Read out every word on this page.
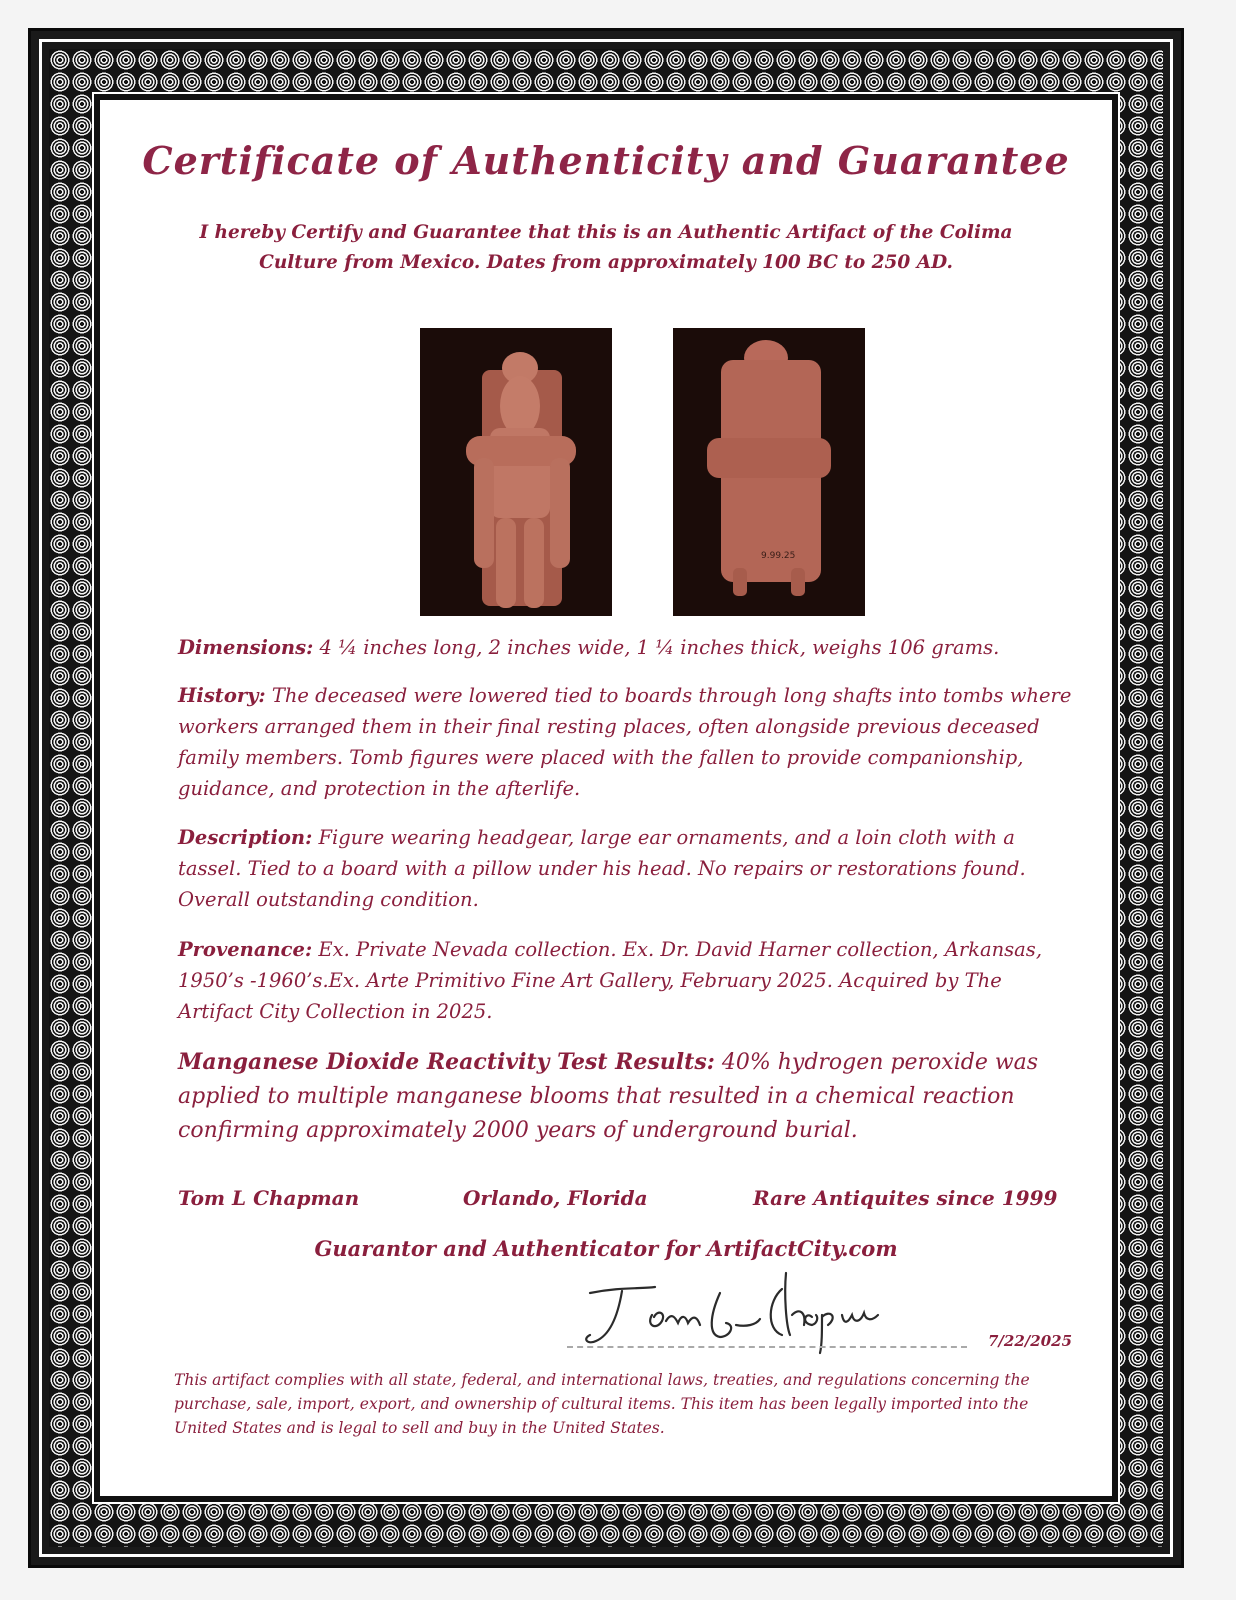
Certificate of Authenticity and Guarantee
I hereby Certify and Guarantee that this is an Authentic Artifact of the Colima
Culture from Mexico. Dates from approximately 100 BC to 250 AD.
9.99.25
Dimensions: 4 ¼ inches long, 2 inches wide, 1 ¼ inches thick, weighs 106 grams.
History: The deceased were lowered tied to boards through long shafts into tombs where workers arranged them in their final resting places, often alongside previous deceased family members. Tomb figures were placed with the fallen to provide companionship, guidance, and protection in the afterlife.
Description: Figure wearing headgear, large ear ornaments, and a loin cloth with a tassel. Tied to a board with a pillow under his head. No repairs or restorations found. Overall outstanding condition.
Provenance: Ex. Private Nevada collection. Ex. Dr. David Harner collection, Arkansas, 1950’s -1960’s.Ex. Arte Primitivo Fine Art Gallery, February 2025. Acquired by The Artifact City Collection in 2025.
Manganese Dioxide Reactivity Test Results: 40% hydrogen peroxide was applied to multiple manganese blooms that resulted in a chemical reaction confirming approximately 2000 years of underground burial.
Tom L Chapman	Orlando, Florida	Rare Antiquites since 1999
Guarantor and Authenticator for ArtifactCity.com
7/22/2025
This artifact complies with all state, federal, and international laws, treaties, and regulations concerning the purchase, sale, import, export, and ownership of cultural items. This item has been legally imported into the United States and is legal to sell and buy in the United States.
